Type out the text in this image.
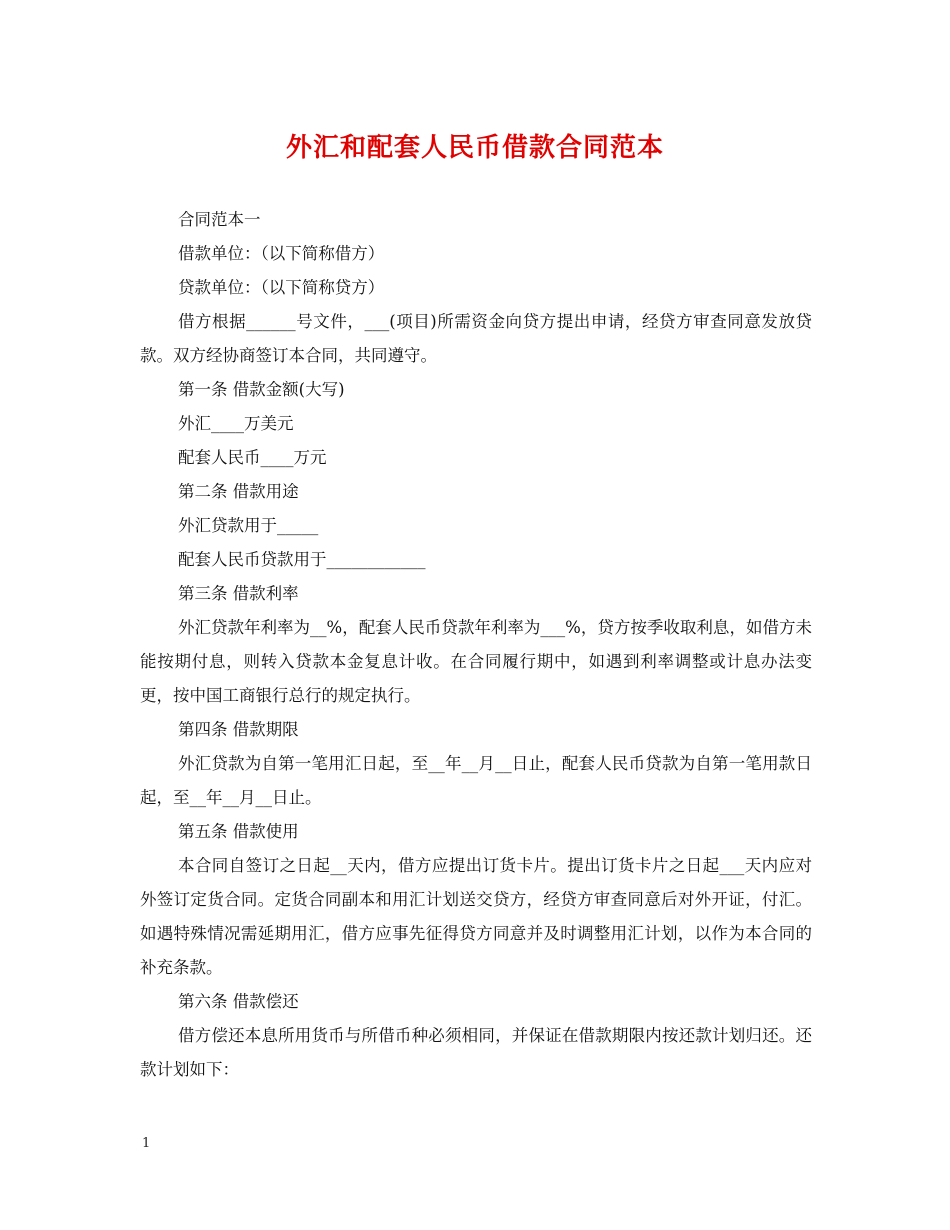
外汇和配套人民币借款合同范本

合同范本一

借款单位：（以下简称借方）

贷款单位：（以下简称贷方）

借方根据______号文件，___(项目)所需资金向贷方提出申请，经贷方审查同意发放贷款。双方经协商签订本合同，共同遵守。

第一条 借款金额(大写)

外汇____万美元

配套人民币____万元

第二条 借款用途

外汇贷款用于_____

配套人民币贷款用于____________

第三条 借款利率

外汇贷款年利率为__%，配套人民币贷款年利率为___%，贷方按季收取利息，如借方未能按期付息，则转入贷款本金复息计收。在合同履行期中，如遇到利率调整或计息办法变更，按中国工商银行总行的规定执行。

第四条 借款期限

外汇贷款为自第一笔用汇日起，至__年__月__日止，配套人民币贷款为自第一笔用款日起，至__年__月__日止。

第五条 借款使用

本合同自签订之日起__天内，借方应提出订货卡片。提出订货卡片之日起___天内应对外签订定货合同。定货合同副本和用汇计划送交贷方，经贷方审查同意后对外开证，付汇。如遇特殊情况需延期用汇，借方应事先征得贷方同意并及时调整用汇计划，以作为本合同的补充条款。

第六条 借款偿还

借方偿还本息所用货币与所借币种必须相同，并保证在借款期限内按还款计划归还。还款计划如下：

1
